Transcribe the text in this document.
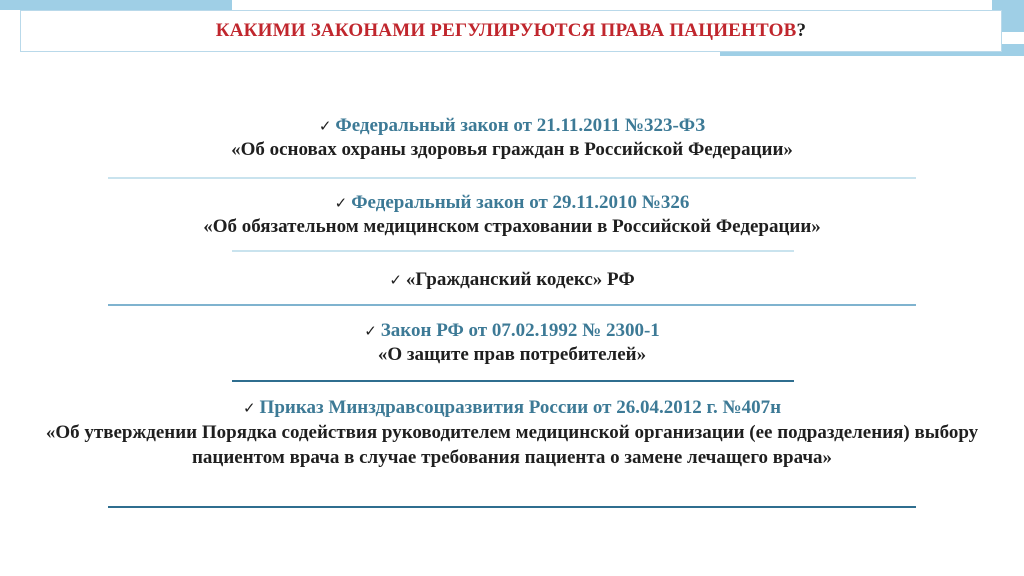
КАКИМИ ЗАКОНАМИ РЕГУЛИРУЮТСЯ ПРАВА ПАЦИЕНТОВ?
✓ Федеральный закон от 21.11.2011 №323-ФЗ
«Об основах охраны здоровья граждан в Российской Федерации»
✓ Федеральный закон от 29.11.2010 №326
«Об обязательном медицинском страховании в Российской Федерации»
✓ «Гражданский кодекс» РФ
✓ Закон РФ от 07.02.1992 № 2300-1
«О защите прав потребителей»
✓ Приказ Минздравсоцразвития России от 26.04.2012 г. №407н
«Об утверждении Порядка содействия руководителем медицинской организации (ее подразделения) выбору пациентом врача в случае требования пациента о замене лечащего врача»
